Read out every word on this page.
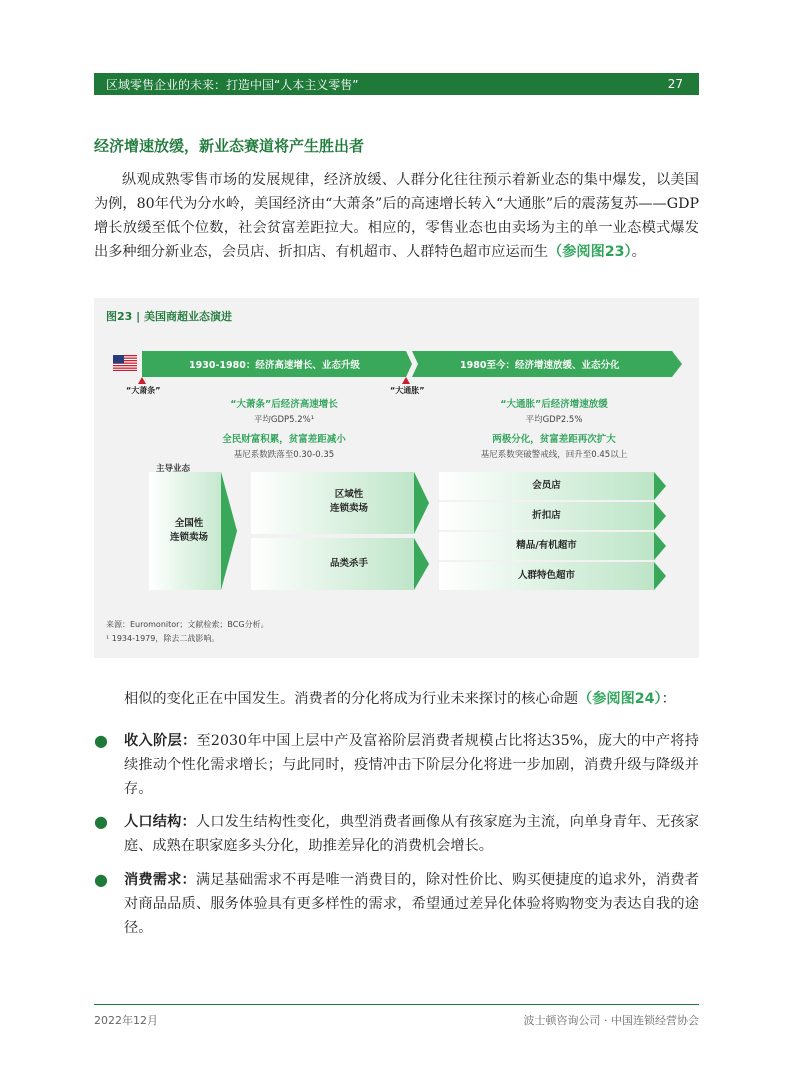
区域零售企业的未来：打造中国“人本主义零售”	27
经济增速放缓，新业态赛道将产生胜出者
纵观成熟零售市场的发展规律，经济放缓、人群分化往往预示着新业态的集中爆发，以美国为例，80年代为分水岭，美国经济由“大萧条”后的高速增长转入“大通胀”后的震荡复苏——GDP增长放缓至低个位数，社会贫富差距拉大。相应的，零售业态也由卖场为主的单一业态模式爆发出多种细分新业态，会员店、折扣店、有机超市、人群特色超市应运而生（参阅图23）。
图23 | 美国商超业态演进
1930-1980：经济高速增长、业态升级	1980至今：经济增速放缓、业态分化
“大萧条”	“大通胀”
“大萧条”后经济高速增长
平均GDP5.2%¹
全民财富积累，贫富差距减小
基尼系数跌落至0.30-0.35
“大通胀”后经济增速放缓
平均GDP2.5%
两极分化，贫富差距再次扩大
基尼系数突破警戒线，回升至0.45以上
主导业态
全国性
连锁卖场
区域性
连锁卖场
品类杀手
会员店
折扣店
精品/有机超市
人群特色超市
来源：Euromonitor；文献检索；BCG分析。
¹ 1934-1979，除去二战影响。
相似的变化正在中国发生。消费者的分化将成为行业未来探讨的核心命题（参阅图24）：
● 收入阶层：至2030年中国上层中产及富裕阶层消费者规模占比将达35%，庞大的中产将持续推动个性化需求增长；与此同时，疫情冲击下阶层分化将进一步加剧，消费升级与降级并存。
● 人口结构：人口发生结构性变化，典型消费者画像从有孩家庭为主流，向单身青年、无孩家庭、成熟在职家庭多头分化，助推差异化的消费机会增长。
● 消费需求：满足基础需求不再是唯一消费目的，除对性价比、购买便捷度的追求外，消费者对商品品质、服务体验具有更多样性的需求，希望通过差异化体验将购物变为表达自我的途径。
2022年12月	波士顿咨询公司 · 中国连锁经营协会
